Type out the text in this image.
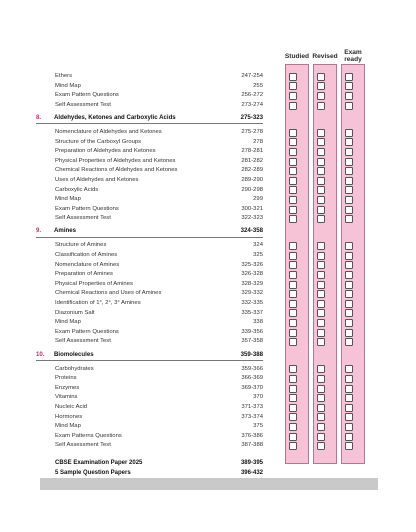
Studied Revised
Exam ready
Ethers	247-254
Mind Map	255
Exam Pattern Questions	256-272
Self Assessment Test	273-274
8. Aldehydes, Ketones and Carboxylic Acids	275-323
Nomenclature of Aldehydes and Ketones	275-278
Structure of the Carboxyl Groups	278
Preparation of Aldehydes and Ketones	278-281
Physical Properties of Aldehydes and Ketones	281-282
Chemical Reactions of Aldehydes and Ketones	282-289
Uses of Aldehydes and Ketones	289-290
Carboxylic Acids	290-298
Mind Map	299
Exam Pattern Questions	300-321
Self Assessment Test	322-323
9. Amines	324-358
Structure of Amines	324
Classification of Amines	325
Nomenclature of Amines	325-326
Preparation of Amines	326-328
Physical Properties of Amines	328-329
Chemical Reactions and Uses of Amines	329-332
Identification of 1°, 2°, 3° Amines	332-335
Diazonium Salt	335-337
Mind Map	338
Exam Pattern Questions	339-356
Self Assessment Test	357-358
10. Biomolecules	359-388
Carbohydrates	359-366
Proteins	366-369
Enzymes	369-370
Vitamins	370
Nucleic Acid	371-373
Hormones	373-374
Mind Map	375
Exam Patterns Questions	376-386
Self Assessment Test	387-388
CBSE Examination Paper 2025	389-395
5 Sample Question Papers	396-432
